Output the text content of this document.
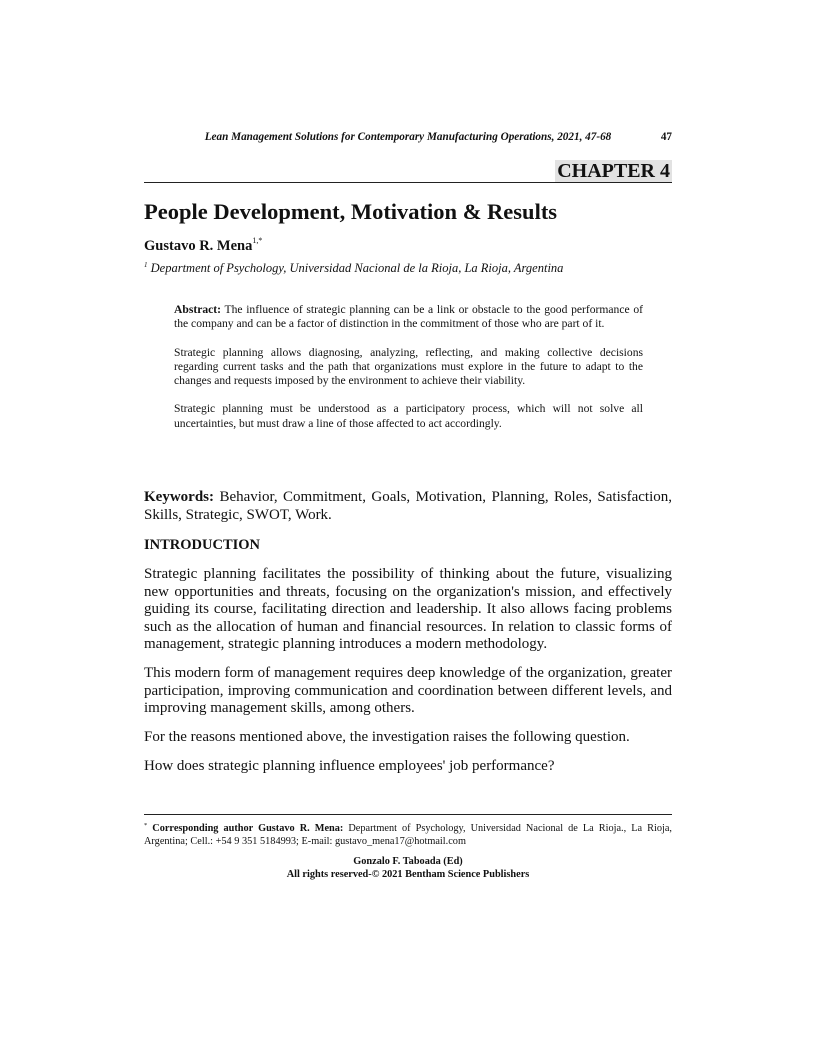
Lean Management Solutions for Contemporary Manufacturing Operations, 2021, 47-68	47
CHAPTER 4
People Development, Motivation & Results
Gustavo R. Mena$^{1,*}$
$^1$ Department of Psychology, Universidad Nacional de la Rioja, La Rioja, Argentina

Abstract: The influence of strategic planning can be a link or obstacle to the good performance of the company and can be a factor of distinction in the commitment of those who are part of it.

Strategic planning allows diagnosing, analyzing, reflecting, and making collective decisions regarding current tasks and the path that organizations must explore in the future to adapt to the changes and requests imposed by the environment to achieve their viability.

Strategic planning must be understood as a participatory process, which will not solve all uncertainties, but must draw a line of those affected to act accordingly.

Keywords: Behavior, Commitment, Goals, Motivation, Planning, Roles, Satisfaction, Skills, Strategic, SWOT, Work.
INTRODUCTION

Strategic planning facilitates the possibility of thinking about the future, visualizing new opportunities and threats, focusing on the organization's mission, and effectively guiding its course, facilitating direction and leadership. It also allows facing problems such as the allocation of human and financial resources. In relation to classic forms of management, strategic planning introduces a modern methodology.

This modern form of management requires deep knowledge of the organization, greater participation, improving communication and coordination between different levels, and improving management skills, among others.

For the reasons mentioned above, the investigation raises the following question.

How does strategic planning influence employees' job performance?

* Corresponding author Gustavo R. Mena: Department of Psychology, Universidad Nacional de La Rioja., La Rioja, Argentina; Cell.: +54 9 351 5184993; E-mail: gustavo_mena17@hotmail.com
Gonzalo F. Taboada (Ed)
All rights reserved-© 2021 Bentham Science Publishers
